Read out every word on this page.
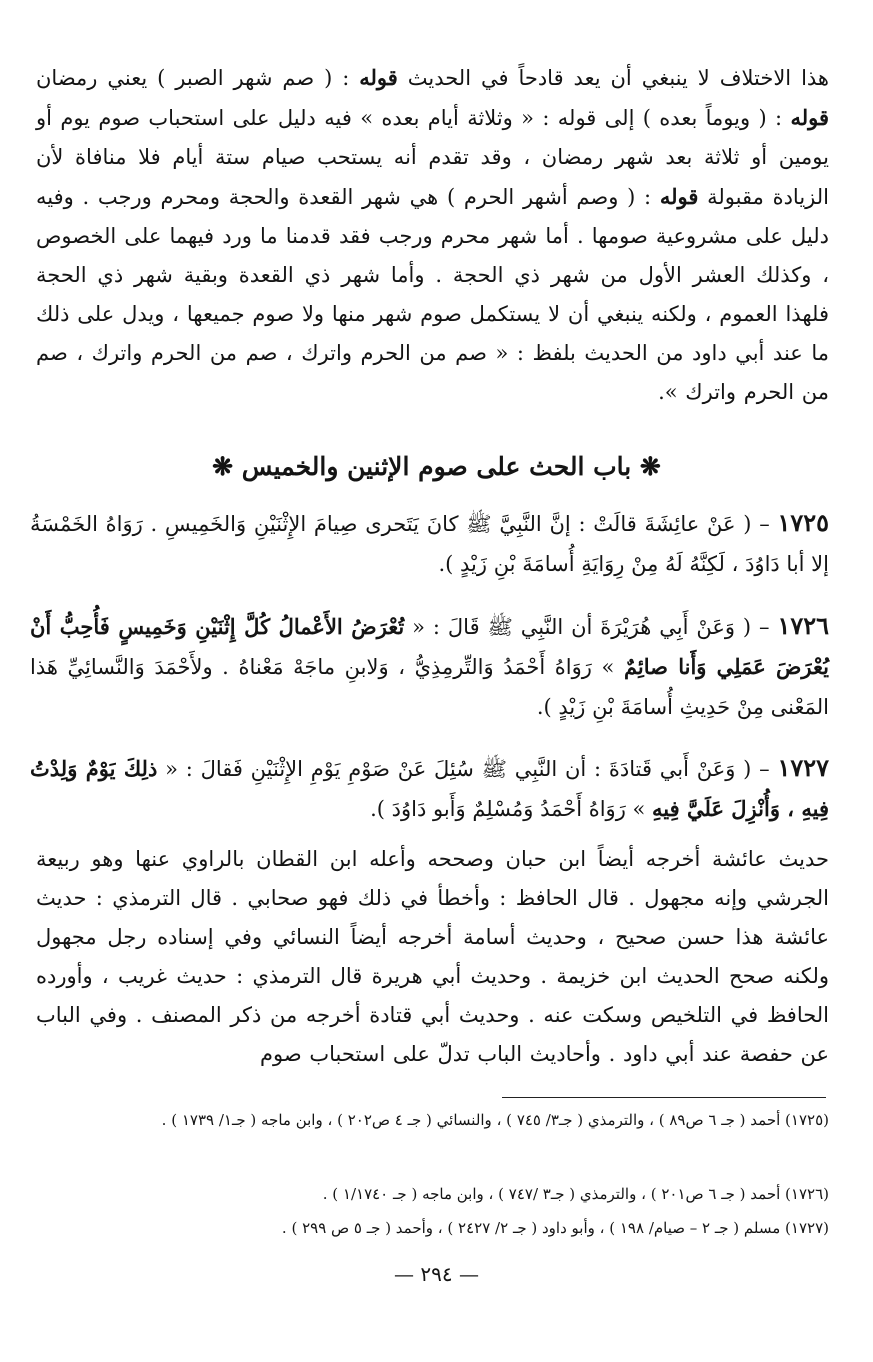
هذا الاختلاف لا ينبغي أن يعد قادحاً في الحديث قوله : ( صم شهر الصبر ) يعني رمضان قوله : ( ويوماً بعده ) إلى قوله : « وثلاثة أيام بعده » فيه دليل على استحباب صوم يوم أو يومين أو ثلاثة بعد شهر رمضان ، وقد تقدم أنه يستحب صيام ستة أيام فلا منافاة لأن الزيادة مقبولة قوله : ( وصم أشهر الحرم ) هي شهر القعدة والحجة ومحرم ورجب . وفيه دليل على مشروعية صومها . أما شهر محرم ورجب فقد قدمنا ما ورد فيهما على الخصوص ، وكذلك العشر الأول من شهر ذي الحجة . وأما شهر ذي القعدة وبقية شهر ذي الحجة فلهذا العموم ، ولكنه ينبغي أن لا يستكمل صوم شهر منها ولا صوم جميعها ، ويدل على ذلك ما عند أبي داود من الحديث بلفظ : « صم من الحرم واترك ، صم من الحرم واترك ، صم من الحرم واترك ».
❋ باب الحث على صوم الإثنين والخميس ❋
١٧٢٥ – ( عَنْ عائِشَةَ قالَتْ : إنَّ النَّبِيَّ ﷺ كانَ يَتَحرى صِيامَ الإِثْنَيْنِ وَالخَمِيسِ . رَوَاهُ الخَمْسَةُ إلا أبا دَاوُدَ ، لَكِنَّهُ لَهُ مِنْ رِوَايَةِ أُسامَةَ بْنِ زَيْدٍ ).
١٧٢٦ – ( وَعَنْ أَبِي هُرَيْرَةَ أن النَّبِي ﷺ قَالَ : « تُعْرَضُ الأَعْمالُ كُلَّ إِثْنَيْنِ وَخَمِيسٍ فَأُحِبُّ أَنْ يُعْرَضَ عَمَلِي وَأَنا صائِمٌ » رَوَاهُ أَحْمَدُ وَالتِّرمِذِيُّ ، وَلابنِ ماجَهْ مَعْناهُ . ولأَحْمَدَ وَالنَّسائِيِّ هَذا المَعْنى مِنْ حَدِيثِ أُسامَةَ بْنِ زَيْدٍ ).
١٧٢٧ – ( وَعَنْ أَبي قَتادَةَ : أن النَّبِي ﷺ سُئِلَ عَنْ صَوْمِ يَوْمِ الإِثْنَيْنِ فَقالَ : « ذلِكَ يَوْمٌ وَلِدْتُ فِيهِ ، وَأُنْزِلَ عَلَيَّ فِيهِ » رَوَاهُ أَحْمَدُ وَمُسْلِمٌ وَأَبو دَاوُدَ ).
حديث عائشة أخرجه أيضاً ابن حبان وصححه وأعله ابن القطان بالراوي عنها وهو ربيعة الجرشي وإنه مجهول . قال الحافظ : وأخطأ في ذلك فهو صحابي . قال الترمذي : حديث عائشة هذا حسن صحيح ، وحديث أسامة أخرجه أيضاً النسائي وفي إسناده رجل مجهول ولكنه صحح الحديث ابن خزيمة . وحديث أبي هريرة قال الترمذي : حديث غريب ، وأورده الحافظ في التلخيص وسكت عنه . وحديث أبي قتادة أخرجه من ذكر المصنف . وفي الباب عن حفصة عند أبي داود . وأحاديث الباب تدلّ على استحباب صوم
(١٧٢٥) أحمد ( جـ ٦ ص٨٩ ) ، والترمذي ( جـ٣/ ٧٤٥ ) ، والنسائي ( جـ ٤ ص٢٠٢ ) ، وابن ماجه ( جـ١/ ١٧٣٩ ) .
(١٧٢٦) أحمد ( جـ ٦ ص٢٠١ ) ، والترمذي ( جـ٣ /٧٤٧ ) ، وابن ماجه ( جـ ١/١٧٤٠ ) .
(١٧٢٧) مسلم ( جـ ٢ – صيام/ ١٩٨ ) ، وأبو داود ( جـ ٢/ ٢٤٢٧ ) ، وأحمد ( جـ ٥ ص ٢٩٩ ) .
— ٢٩٤ —
